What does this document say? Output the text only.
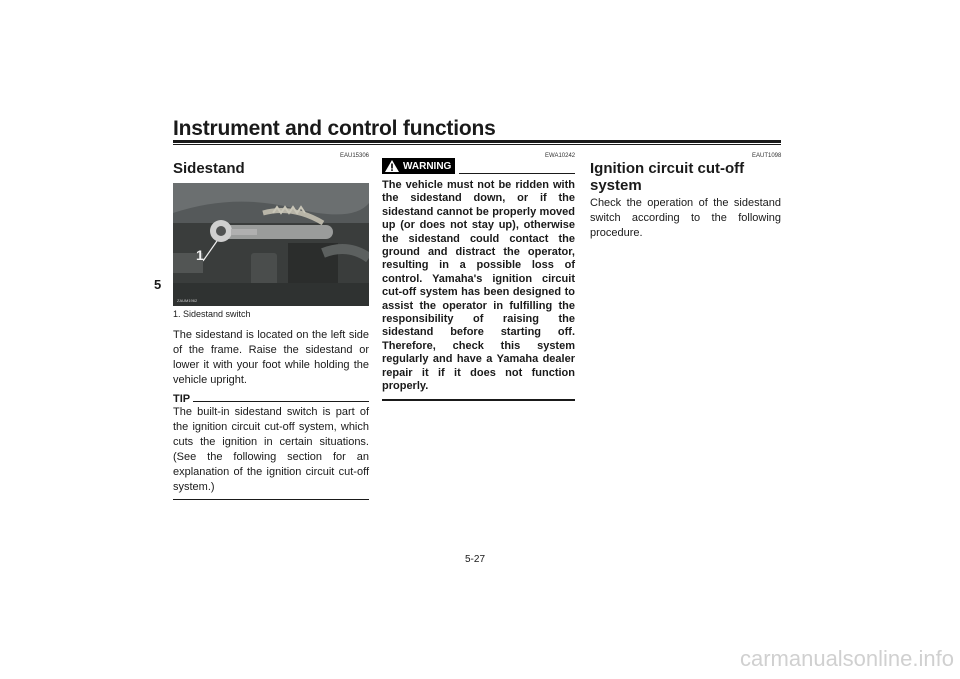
Instrument and control functions
5
EAU15306	EWA10242	EAUT1098
Sidestand
1
ZAUM1962
1. Sidestand switch
The sidestand is located on the left side of the frame. Raise the sidestand or lower it with your foot while holding the vehicle upright.
TIP
The built-in sidestand switch is part of the ignition circuit cut-off system, which cuts the ignition in certain situations. (See the following section for an explanation of the ignition circuit cut-off system.)
WARNING
The vehicle must not be ridden with the sidestand down, or if the sidestand cannot be properly moved up (or does not stay up), otherwise the sidestand could contact the ground and distract the operator, resulting in a possible loss of control. Yamaha's ignition circuit cut-off system has been designed to assist the operator in fulfilling the responsibility of raising the sidestand before starting off. Therefore, check this system regularly and have a Yamaha dealer repair it if it does not function properly.
Ignition circuit cut-off system
Check the operation of the sidestand switch according to the following procedure.
5-27
carmanualsonline.info
